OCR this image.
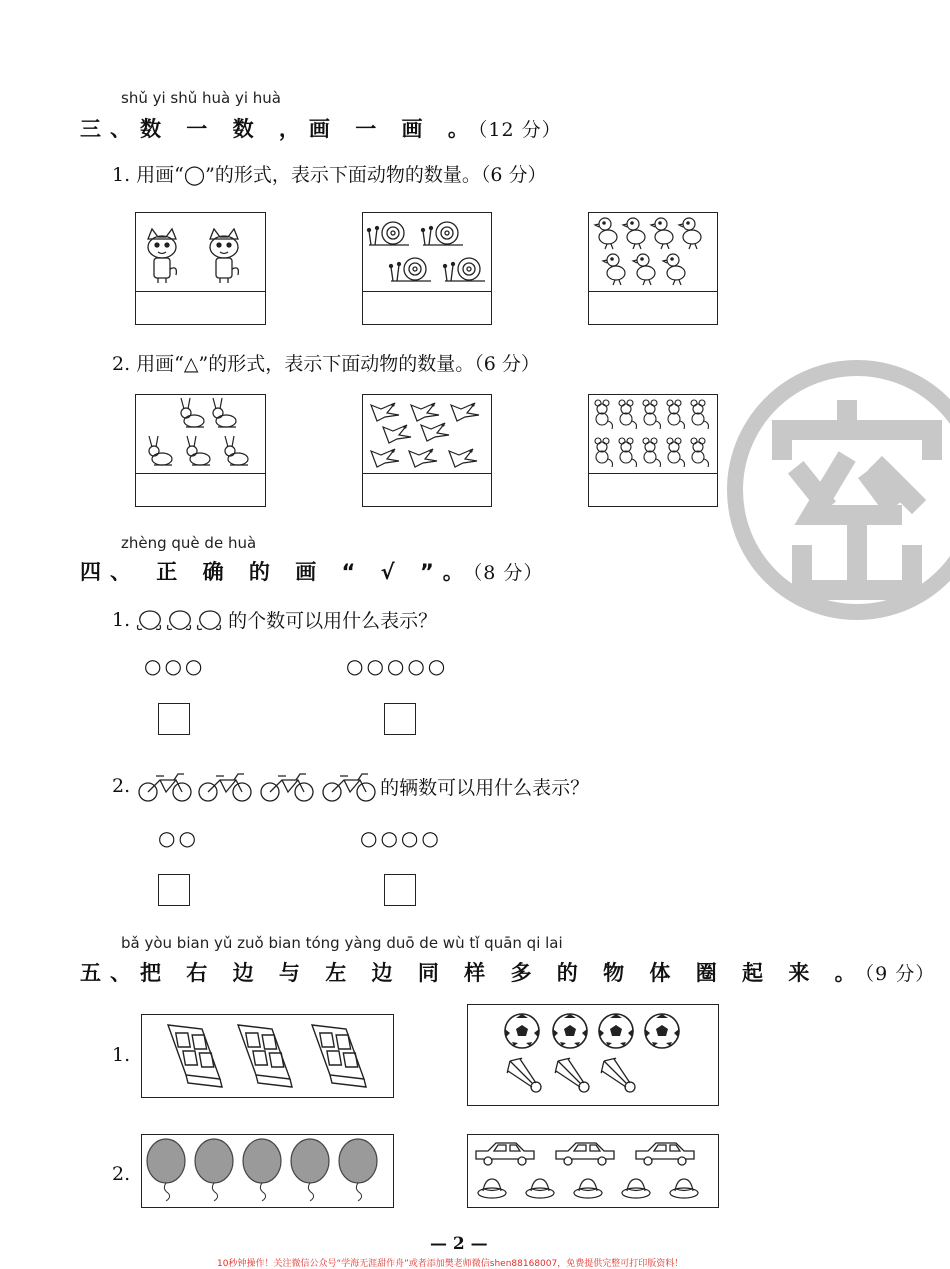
shǔ yi shǔ huà yi huà
三、数 一 数 ，画 一 画 。（12 分）
1. 用画“◯”的形式，表示下面动物的数量。（6 分）
2. 用画“△”的形式，表示下面动物的数量。（6 分）
zhèng què de huà
四、 正 确 的 画 “ √ ”。（8 分）
1.	的个数可以用什么表示？
○○○	○○○○○
2.	的辆数可以用什么表示？
○○	○○○○
bǎ yòu bian yǔ zuǒ bian tóng yàng duō de wù tǐ quān qi lai
五、把 右 边 与 左 边 同 样 多 的 物 体 圈 起 来 。（9 分）
1.
2.
— 2 —
10秒钟操作！关注微信公众号“学海无涯甜作舟”或者添加樊老师微信shen88168007，免费提供完整可打印版资料！
